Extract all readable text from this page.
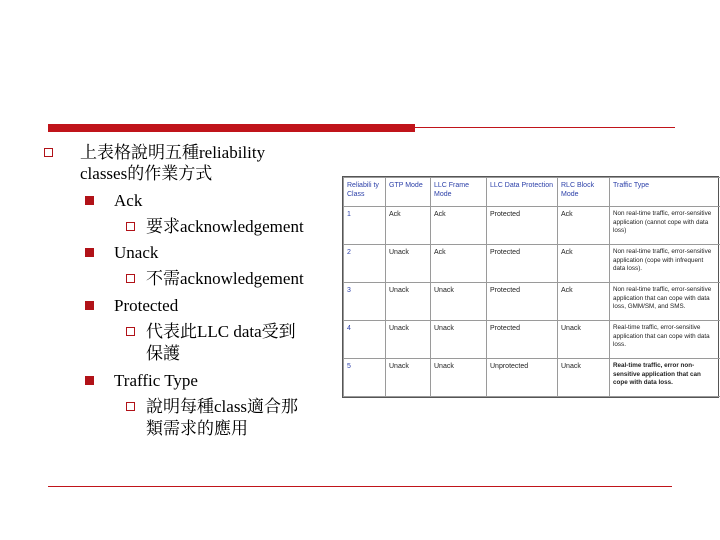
上表格說明五種reliability
classes的作業方式
Ack
要求acknowledgement
Unack
不需acknowledgement
Protected
代表此LLC data受到
保護
Traffic Type
說明每種class適合那
類需求的應用
Reliabili ty Class	GTP Mode	LLC Frame Mode	LLC Data Protection	RLC Block Mode	Traffic Type
1	Ack	Ack	Protected	Ack	Non real-time traffic, error-sensitive application (cannot cope with data loss)
2	Unack	Ack	Protected	Ack	Non real-time traffic, error-sensitive application (cope with infrequent data loss).
3	Unack	Unack	Protected	Ack	Non real-time traffic, error-sensitive application that can cope with data loss, GMM/SM, and SMS.
4	Unack	Unack	Protected	Unack	Real-time traffic, error-sensitive application that can cope with data loss.
5	Unack	Unack	Unprotected	Unack	Real-time traffic, error non-sensitive application that can cope with data loss.
